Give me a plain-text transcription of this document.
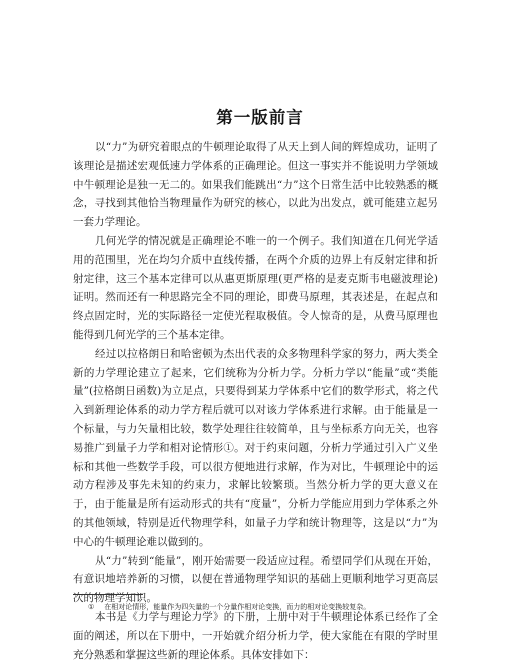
第一版前言

以“力”为研究着眼点的牛顿理论取得了从天上到人间的辉煌成功，证明了该理论是描述宏观低速力学体系的正确理论。但这一事实并不能说明力学领域中牛顿理论是独一无二的。如果我们能跳出“力”这个日常生活中比较熟悉的概念，寻找到其他恰当物理量作为研究的核心，以此为出发点，就可能建立起另一套力学理论。

几何光学的情况就是正确理论不唯一的一个例子。我们知道在几何光学适用的范围里，光在均匀介质中直线传播，在两个介质的边界上有反射定律和折射定律，这三个基本定律可以从惠更斯原理(更严格的是麦克斯韦电磁波理论)证明。然而还有一种思路完全不同的理论，即费马原理，其表述是，在起点和终点固定时，光的实际路径一定使光程取极值。令人惊奇的是，从费马原理也能得到几何光学的三个基本定律。

经过以拉格朗日和哈密顿为杰出代表的众多物理科学家的努力，两大类全新的力学理论建立了起来，它们统称为分析力学。分析力学以“能量”或“类能量”(拉格朗日函数)为立足点，只要得到某力学体系中它们的数学形式，将之代入到新理论体系的动力学方程后就可以对该力学体系进行求解。由于能量是一个标量，与力矢量相比较，数学处理往往较简单，且与坐标系方向无关，也容易推广到量子力学和相对论情形①。对于约束问题，分析力学通过引入广义坐标和其他一些数学手段，可以很方便地进行求解，作为对比，牛顿理论中的运动方程涉及事先未知的约束力，求解比较繁琐。当然分析力学的更大意义在于，由于能量是所有运动形式的共有“度量”，分析力学能应用到力学体系之外的其他领域，特别是近代物理学科，如量子力学和统计物理等，这是以“力”为中心的牛顿理论难以做到的。

从“力”转到“能量”，刚开始需要一段适应过程。希望同学们从现在开始，有意识地培养新的习惯，以便在普通物理学知识的基础上更顺利地学习更高层次的物理学知识。

本书是《力学与理论力学》的下册，上册中对于牛顿理论体系已经作了全面的阐述，所以在下册中，一开始就介绍分析力学，使大家能在有限的学时里充分熟悉和掌握这些新的理论体系。具体安排如下：

① 在相对论情形，能量作为四矢量的一个分量作相对论变换，而力的相对论变换较复杂。
